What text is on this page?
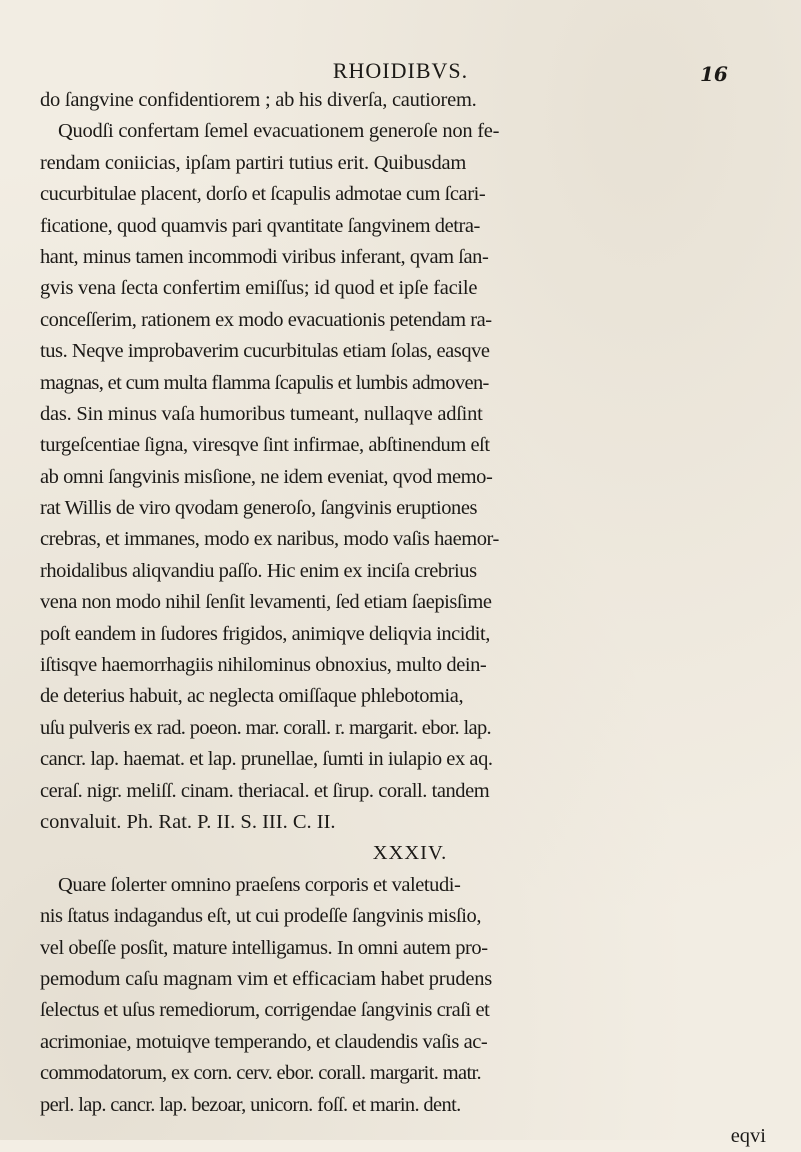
RHOIDIBVS.	16
do ſangvine confidentiorem ; ab his diverſa, cautiorem.
Quodſi confertam ſemel evacuationem generoſe non fe-
rendam coniicias, ipſam partiri tutius erit. Quibusdam
cucurbitulae placent, dorſo et ſcapulis admotae cum ſcari-
ficatione, quod quamvis pari qvantitate ſangvinem detra-
hant, minus tamen incommodi viribus inferant, qvam ſan-
gvis vena ſecta confertim emiſſus; id quod et ipſe facile
conceſſerim, rationem ex modo evacuationis petendam ra-
tus. Neqve improbaverim cucurbitulas etiam ſolas, easqve
magnas, et cum multa flamma ſcapulis et lumbis admoven-
das. Sin minus vaſa humoribus tumeant, nullaqve adſint
turgeſcentiae ſigna, viresqve ſint infirmae, abſtinendum eſt
ab omni ſangvinis misſione, ne idem eveniat, qvod memo-
rat Willis de viro qvodam generoſo, ſangvinis eruptiones
crebras, et immanes, modo ex naribus, modo vaſis haemor-
rhoidalibus aliqvandiu paſſo. Hic enim ex inciſa crebrius
vena non modo nihil ſenſit levamenti, ſed etiam ſaepisſime
poſt eandem in ſudores frigidos, animiqve deliqvia incidit,
iſtisqve haemorrhagiis nihilominus obnoxius, multo dein-
de deterius habuit, ac neglecta omiſſaque phlebotomia,
uſu pulveris ex rad. poeon. mar. corall. r. margarit. ebor. lap.
cancr. lap. haemat. et lap. prunellae, ſumti in iulapio ex aq.
ceraſ. nigr. meliſſ. cinam. theriacal. et ſirup. corall. tandem
convaluit. Ph. Rat. P. II. S. III. C. II.
XXXIV.
Quare ſolerter omnino praeſens corporis et valetudi-
nis ſtatus indagandus eſt, ut cui prodeſſe ſangvinis misſio,
vel obeſſe posſit, mature intelligamus. In omni autem pro-
pemodum caſu magnam vim et efficaciam habet prudens
ſelectus et uſus remediorum, corrigendae ſangvinis craſi et
acrimoniae, motuiqve temperando, et claudendis vaſis ac-
commodatorum, ex corn. cerv. ebor. corall. margarit. matr.
perl. lap. cancr. lap. bezoar, unicorn. foſſ. et marin. dent.
eqvi
